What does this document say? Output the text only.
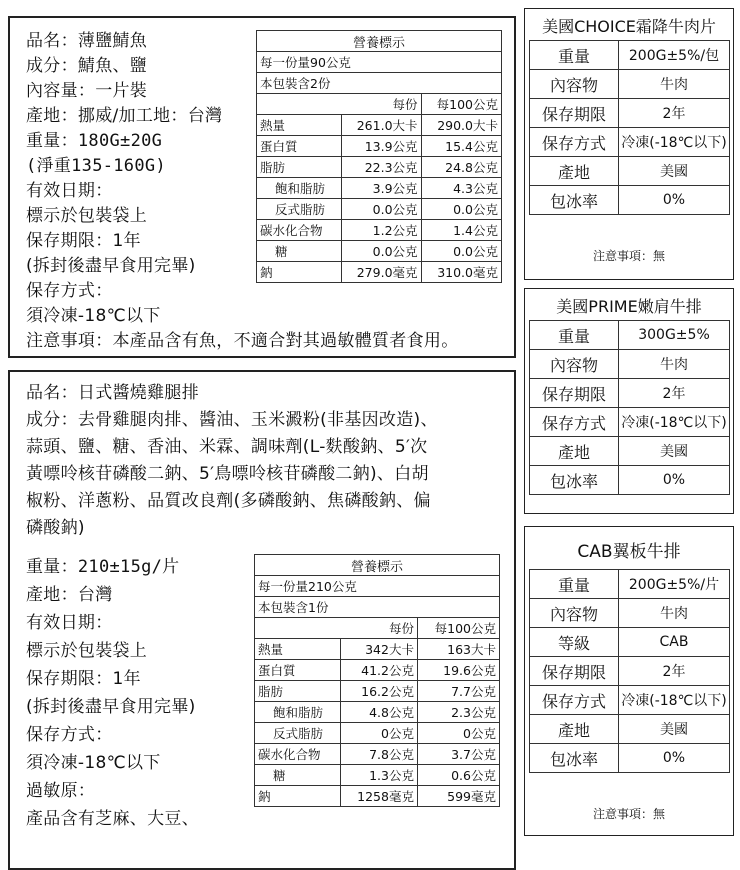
品名：薄鹽鯖魚
成分：鯖魚、鹽
內容量：一片裝
產地：挪威/加工地：台灣
重量：180G±20G
(淨重135-160G)
有效日期：
標示於包裝袋上
保存期限：1年
(拆封後盡早食用完畢)
保存方式：
須冷凍-18℃以下
注意事項：本產品含有魚，不適合對其過敏體質者食用。
營養標示		
每一份量90公克		
本包裝含2份		
	每份	每100公克
熱量	261.0大卡	290.0大卡
蛋白質	13.9公克	15.4公克
脂肪	22.3公克	24.8公克
飽和脂肪	3.9公克	4.3公克
反式脂肪	0.0公克	0.0公克
碳水化合物	1.2公克	1.4公克
糖	0.0公克	0.0公克
鈉	279.0毫克	310.0毫克
品名：日式醬燒雞腿排
成分：去骨雞腿肉排、醬油、玉米澱粉(非基因改造)、
蒜頭、鹽、糖、香油、米霖、調味劑(L-麩酸鈉、5′次
黃嘌呤核苷磷酸二鈉、5′鳥嘌呤核苷磷酸二鈉)、白胡
椒粉、洋蔥粉、品質改良劑(多磷酸鈉、焦磷酸鈉、偏
磷酸鈉)
重量：210±15g/片
產地：台灣
有效日期：
標示於包裝袋上
保存期限：1年
(拆封後盡早食用完畢)
保存方式：
須冷凍-18℃以下
過敏原：
產品含有芝麻、大豆、
營養標示		
每一份量210公克		
本包裝含1份		
	每份	每100公克
熱量	342大卡	163大卡
蛋白質	41.2公克	19.6公克
脂肪	16.2公克	7.7公克
飽和脂肪	4.8公克	2.3公克
反式脂肪	0公克	0公克
碳水化合物	7.8公克	3.7公克
糖	1.3公克	0.6公克
鈉	1258毫克	599毫克
美國CHOICE霜降牛肉片
重量	200G±5%/包
內容物	牛肉
保存期限	2年
保存方式	冷凍(-18℃以下)
產地	美國
包冰率	0%
注意事項：無
美國PRIME嫩肩牛排
重量	300G±5%
內容物	牛肉
保存期限	2年
保存方式	冷凍(-18℃以下)
產地	美國
包冰率	0%
CAB翼板牛排
重量	200G±5%/片
內容物	牛肉
等級	CAB
保存期限	2年
保存方式	冷凍(-18℃以下)
產地	美國
包冰率	0%
注意事項：無
